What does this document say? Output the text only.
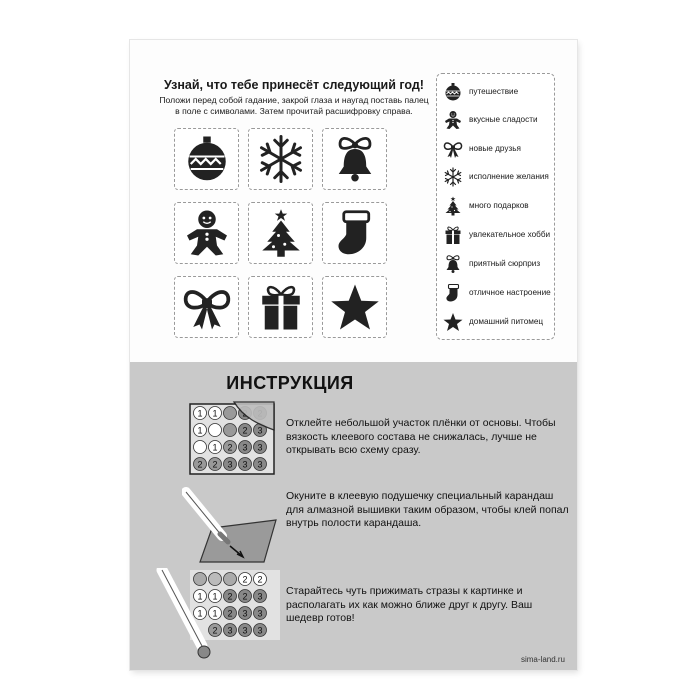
Узнай, что тебе принесёт следующий год!
Положи перед собой гадание, закрой глаза и наугад поставь палец в поле с символами. Затем прочитай расшифровку справа.
путешествие
вкусные сладости
новые друзья
исполнение желания
много подарков
увлекательное хобби
приятный сюрприз
отличное настроение
домашний питомец
ИНСТРУКЦИЯ
1 1
1	2 3
1 2 3 3
2 2 3 3 3
Отклейте небольшой участок плёнки от основы. Чтобы вязкость клеевого состава не снижалась, лучше не открывать всю схему сразу.
Окуните в клеевую подушечку специальный карандаш для алмазной вышивки таким образом, чтобы клей попал внутрь полости карандаша.
2 2
1 1 2 2 3
1 1 2 3 3
2 3 3 3
Старайтесь чуть прижимать стразы к картинке и располагать их как можно ближе друг к другу. Ваш шедевр готов!
sima-land.ru
